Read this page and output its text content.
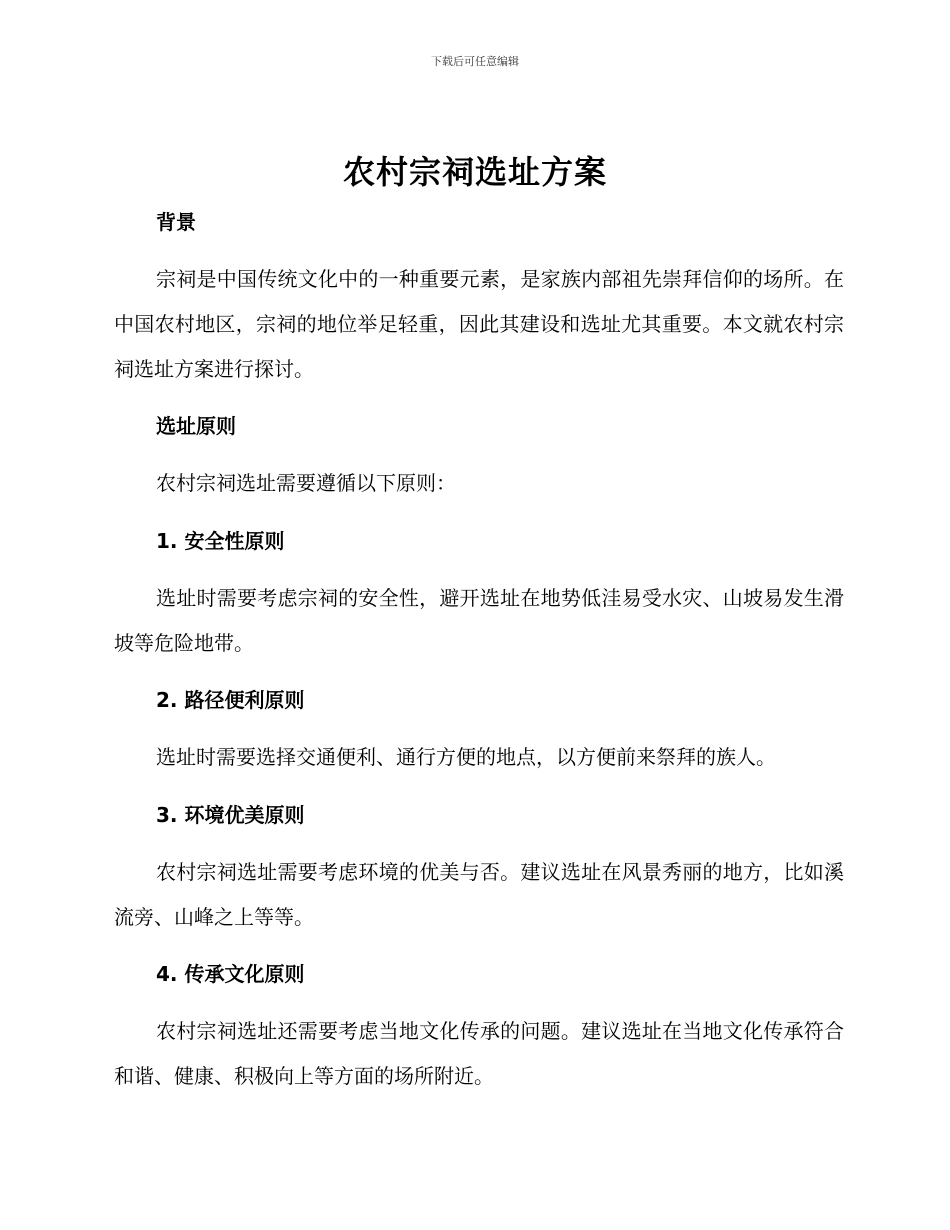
下载后可任意编辑
农村宗祠选址方案
背景
宗祠是中国传统文化中的一种重要元素，是家族内部祖先崇拜信仰的场所。在中国农村地区，宗祠的地位举足轻重，因此其建设和选址尤其重要。本文就农村宗祠选址方案进行探讨。
选址原则
农村宗祠选址需要遵循以下原则：
1. 安全性原则
选址时需要考虑宗祠的安全性，避开选址在地势低洼易受水灾、山坡易发生滑坡等危险地带。
2. 路径便利原则
选址时需要选择交通便利、通行方便的地点，以方便前来祭拜的族人。
3. 环境优美原则
农村宗祠选址需要考虑环境的优美与否。建议选址在风景秀丽的地方，比如溪流旁、山峰之上等等。
4. 传承文化原则
农村宗祠选址还需要考虑当地文化传承的问题。建议选址在当地文化传承符合和谐、健康、积极向上等方面的场所附近。
